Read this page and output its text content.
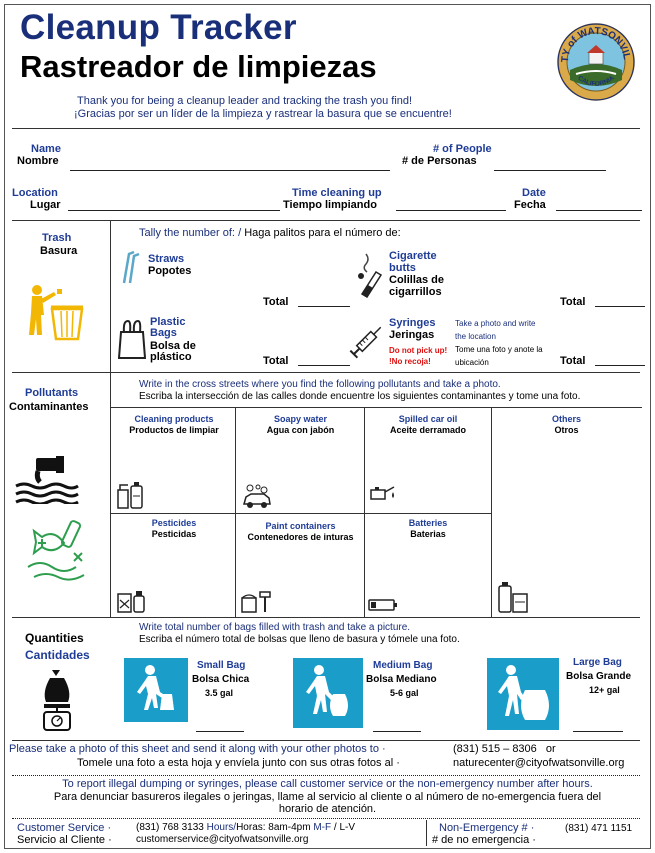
Cleanup Tracker
Rastreador de limpiezas	TY of WATSONVIL
CALIFORNIA
Thank you for being a cleanup leader and tracking the trash you find!
¡Gracias por ser un líder de la limpieza y rastrear la basura que se encuentre!
Name
Nombre
# of People
# de Personas
Location
Lugar
Time cleaning up
Tiempo limpiando
Date
Fecha
Trash
Basura
Tally the number of: / Haga palitos para el número de:
Straws
Popotes
Total
Cigarette
butts
Colillas de
cigarrillos
Total
Plastic
Bags
Bolsa de
plástico	Total
Syringes
Jeringas
Do not pick up!
!No recoja!
Take a photo and write
the location
Tome una foto y anote la
ubicación	Total
Pollutants
Contaminantes
Write in the cross streets where you find the following pollutants and take a photo.
Escriba la intersección de las calles donde encuentre los siguientes contaminantes y tome una foto.
Cleaning products
Productos de limpiar
Soapy water
Agua con jabón
Spilled car oil
Aceite derramado
Others
Otros
Pesticides
Pesticidas
Paint containers
Contenedores de inturas
Batteries
Baterias
Quantities
Cantidades
Write total number of bags filled with trash and take a picture.
Escriba el número total de bolsas que lleno de basura y tómele una foto.
Small Bag
Bolsa Chica
3.5 gal
Medium Bag
Bolsa Mediano
5-6 gal
Large Bag
Bolsa Grande
12+ gal
Please take a photo of this sheet and send it along with your other photos to ·
Tomele una foto a esta hoja y envíela junto con sus otras fotos al ·
(831) 515 – 8306 or
naturecenter@cityofwatsonville.org
To report illegal dumping or syringes, please call customer service or the non-emergency number after hours.
Para denunciar basureros ilegales o jeringas, llame al servicio al cliente o al número de no-emergencia fuera del
horario de atención.
Customer Service ·
Servicio al Cliente ·
(831) 768 3133 Hours/Horas: 8am-4pm M-F / L-V
customerservice@cityofwatsonville.org
Non-Emergency # ·
# de no emergencia ·
(831) 471 1151
